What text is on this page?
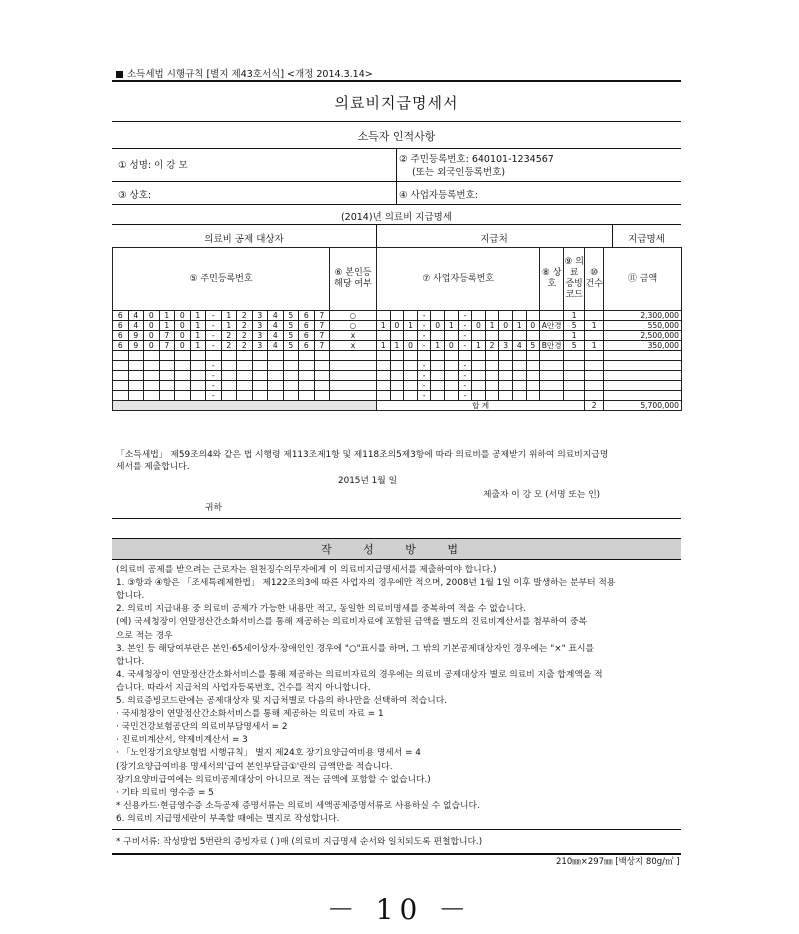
소득세법 시행규칙 [별지 제43호서식] <개정 2014.3.14>
의료비지급명세서
소득자 인적사항
① 성명: 이 강 모
② 주민등록번호: 640101-1234567
(또는 외국인등록번호)
③ 상호:	④ 사업자등록번호:
(2014)년 의료비 지급명세
의료비 공제 대상자	지급처	지급명세
⑤ 주민등록번호														⑥ 본인등 해당 여부	⑦ 사업자등록번호												⑧ 상호	⑨ 의료 증빙 코드	⑩ 건수	⑪ 금액
6	4	0	1	0	1	-	1	2	3	4	5	6	7	○				-			-							1		2,300,000
6	4	0	1	0	1	-	1	2	3	4	5	6	7	○	1	0	1	-	0	1	-	0	1	0	1	0	A안경	5	1	550,000
6	9	0	7	0	1	-	2	2	3	4	5	6	7	x				-			-							1		2,500,000
6	9	0	7	0	1	-	2	2	3	4	5	6	7	x	1	1	0	-	1	0	-	1	2	3	4	5	B안경	5	1	350,000

						-												-			-									
						-												-			-									
						-												-			-									
						-												-			-									
															합 계														2	5,700,000
「소득세법」 제59조의4와 같은 법 시행령 제113조제1항 및 제118조의5제3항에 따라 의료비를 공제받기 위하여 의료비지급명
세서를 제출합니다.
2015년 1월 일
제출자 이 강 모 (서명 또는 인)
귀하
작 성 방 법
(의료비 공제를 받으려는 근로자는 원천징수의무자에게 이 의료비지급명세서를 제출하여야 합니다.)
1. ③항과 ④항은 「조세특례제한법」 제122조의3에 따른 사업자의 경우에만 적으며, 2008년 1월 1일 이후 발생하는 분부터 적용
합니다.
2. 의료비 지급내용 중 의료비 공제가 가능한 내용만 적고, 동일한 의료비명세를 중복하여 적을 수 없습니다.
(예) 국세청장이 연말정산간소화서비스를 통해 제공하는 의료비자료에 포함된 금액을 별도의 진료비계산서를 첨부하여 중복
으로 적는 경우
3. 본인 등 해당여부란은 본인·65세이상자·장애인인 경우에 "○"표시를 하며, 그 밖의 기본공제대상자인 경우에는 "×" 표시를
합니다.
4. 국세청장이 연말정산간소화서비스를 통해 제공하는 의료비자료의 경우에는 의료비 공제대상자 별로 의료비 지출 합계액을 적
습니다. 따라서 지급처의 사업자등록번호, 건수를 적지 아니합니다.
5. 의료증빙코드란에는 공제대상자 및 지급처별로 다음의 하나만을 선택하여 적습니다.
· 국세청장이 연말정산간소화서비스를 통해 제공하는 의료비 자료 = 1
· 국민건강보험공단의 의료비부담명세서 = 2
· 진료비계산서, 약제비계산서 = 3
· 「노인장기요양보험법 시행규칙」 별지 제24호 장기요양급여비용 명세서 = 4
(장기요양급여비용 명세서의'급여 본인부담금①'란의 금액만을 적습니다.
장기요양비급여에는 의료비공제대상이 아니므로 적는 금액에 포함할 수 없습니다.)
· 기타 의료비 영수증 = 5
* 신용카드·현금영수증 소득공제 증명서류는 의료비 세액공제증명서류로 사용하실 수 없습니다.
6. 의료비 지급명세란이 부족할 때에는 별지로 작성합니다.
* 구비서류: 작성방법 5번란의 증빙자료 ( )매 (의료비 지급명세 순서와 일치되도록 편철합니다.)
210㎜×297㎜ [백상지 80g/㎡ ]
－ 10 －
